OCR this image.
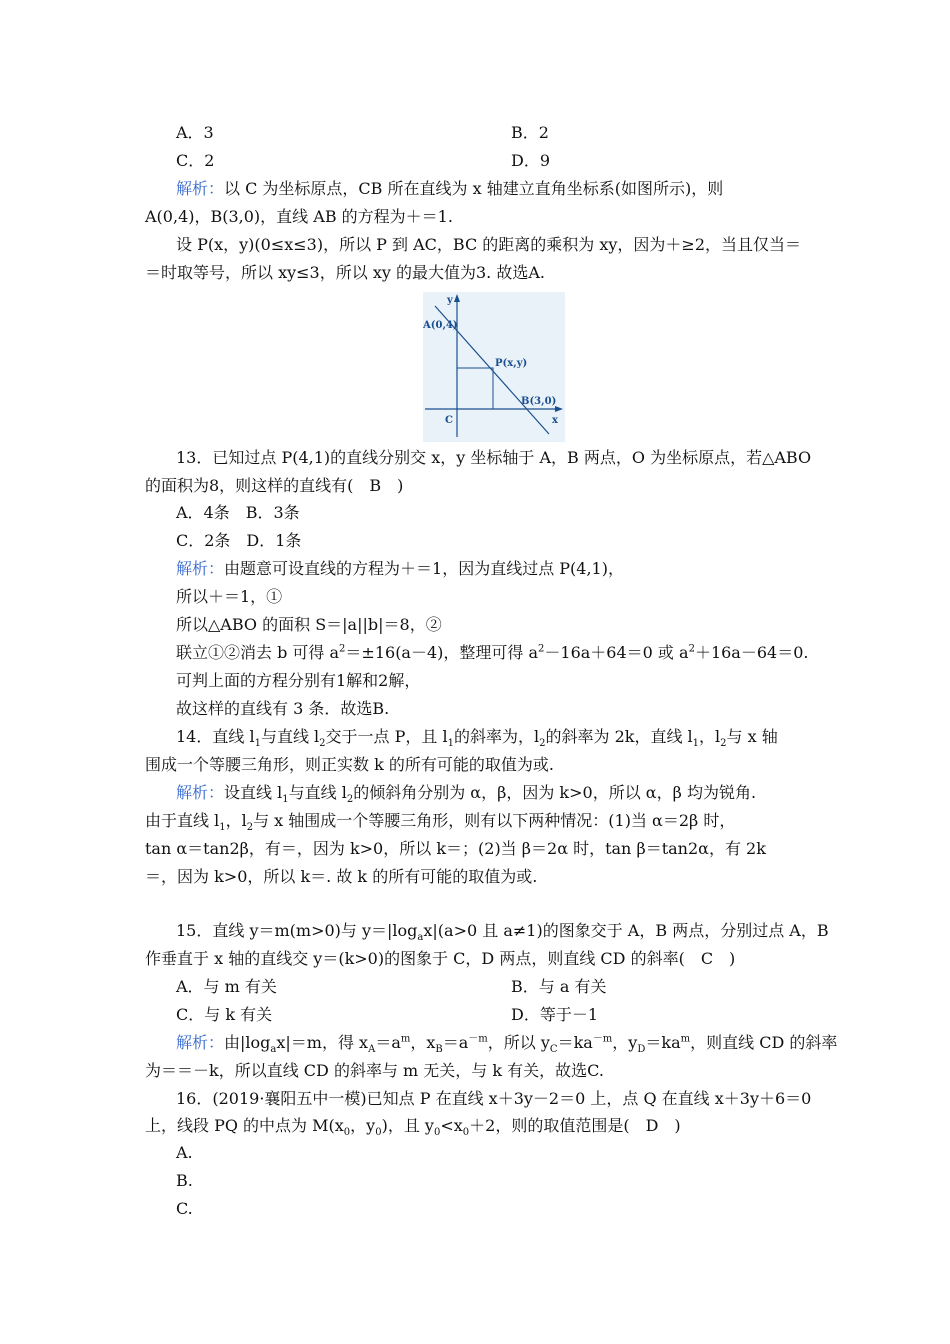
A．3	B．2
C．2	D．9
解析：以 C 为坐标原点，CB 所在直线为 x 轴建立直角坐标系(如图所示)，则
A(0,4)，B(3,0)，直线 AB 的方程为＋＝1.
设 P(x，y)(0≤x≤3)，所以 P 到 AC，BC 的距离的乘积为 xy，因为＋≥2，当且仅当＝
＝时取等号，所以 xy≤3，所以 xy 的最大值为3. 故选A.
y
x
A(0,4)
P(x,y)
B(3,0)
C
13．已知过点 P(4,1)的直线分别交 x，y 坐标轴于 A，B 两点，O 为坐标原点，若△ABO
的面积为8，则这样的直线有(　B　)
A．4条　B．3条
C．2条　D．1条
解析：由题意可设直线的方程为＋＝1，因为直线过点 P(4,1)，
所以＋＝1，①
所以△ABO 的面积 S＝|a||b|＝8，②
联立①②消去 b 可得 $a^2=\pm 16(a-4)$，整理可得 $a^2-16a+64=0$ 或 $a^2+16a-64=0$.
可判上面的方程分别有1解和2解，
故这样的直线有 3 条．故选B.
14．直线 $l_1$与直线 $l_2$交于一点 P，且 $l_1$的斜率为，$l_2$的斜率为 2k，直线 $l_1$，$l_2$与 x 轴
围成一个等腰三角形，则正实数 k 的所有可能的取值为或.
解析：设直线 $l_1$与直线 $l_2$的倾斜角分别为 α，β，因为 k>0，所以 α，β 均为锐角.
由于直线 $l_1$，$l_2$与 x 轴围成一个等腰三角形，则有以下两种情况：(1)当 α＝2β 时，
tan α＝tan2β，有＝，因为 k>0，所以 k＝；(2)当 β＝2α 时，tan β＝tan2α，有 2k
＝，因为 k>0，所以 k＝. 故 k 的所有可能的取值为或.
15．直线 y＝m(m>0)与 $y=|\log_ax|(a>0$ 且 a≠1)的图象交于 A，B 两点，分别过点 A，B
作垂直于 x 轴的直线交 y＝(k>0)的图象于 C，D 两点，则直线 CD 的斜率(　C　)
A．与 m 有关	B．与 a 有关
C．与 k 有关	D．等于－1
解析：由$|\log_ax|=m$，得 $x_A=a^m$，$x_B=a^{-m}$，所以 $y_C=ka^{-m}$，$y_D=ka^m$，则直线 CD 的斜率
为＝＝－k，所以直线 CD 的斜率与 m 无关，与 k 有关，故选C.
16．(2019·襄阳五中一模)已知点 P 在直线 x＋3y－2＝0 上，点 Q 在直线 x＋3y＋6＝0
上，线段 PQ 的中点为 $M(x_0$，$y_0$)，且 $y_0<x_0+2$，则的取值范围是(　D　)
A.
B.
C.
